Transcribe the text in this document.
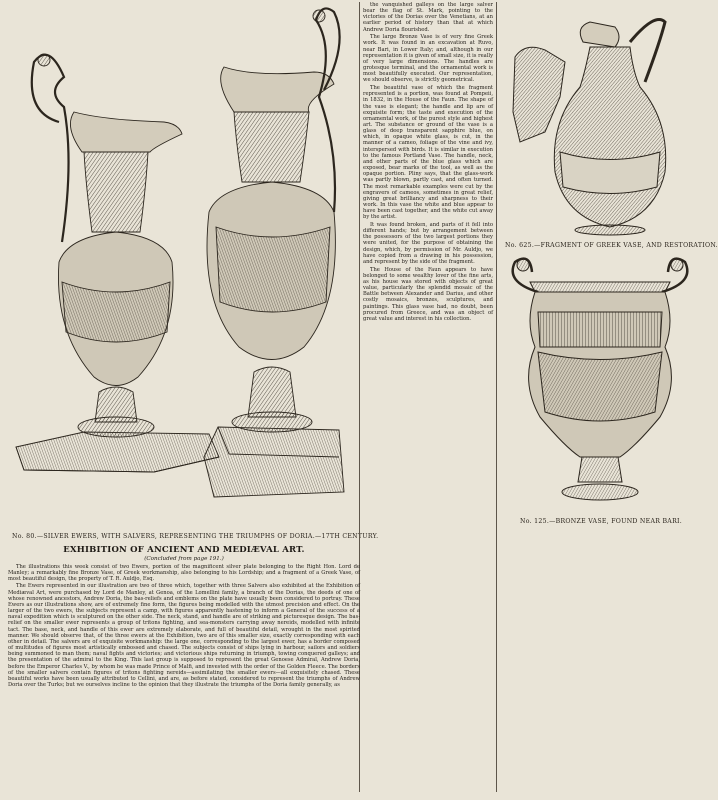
No. 80.—SILVER EWERS, WITH SALVERS, REPRESENTING THE TRIUMPHS OF DORIA.—17TH CENTURY.

the vanquished galleys on the large salver bear the flag of St. Mark, pointing to the victories of the Dorias over the Venetians, at an earlier period of history than that at which Andrew Doria flourished.

The large Bronze Vase is of very fine Greek work. It was found in an excavation at Ruvo, near Bari, in Lower Italy; and, although in our representation it is given of small size, it is really of very large dimensions. The handles are grotesque terminal, and the ornamental work is most beautifully executed. Our representation, we should observe, is strictly geometrical.

The beautiful vase of which the fragment represented is a portion, was found at Pompeii, in 1832, in the House of the Faun. The shape of the vase is elegant; the handle and lip are of exquisite form; the taste and execution of the ornamental work, of the purest style and highest art. The substance or ground of the vase is a glass of deep transparent sapphire blue, on which, in opaque white glass, is cut, in the manner of a cameo, foliage of the vine and ivy, interspersed with birds. It is similar in execution to the famous Portland Vase. The handle, neck, and other parts of the blue glass which are exposed, bear marks of the tool, as well as the opaque portion. Pliny says, that the glass-work was partly blown, partly cast, and often turned. The most remarkable examples were cut by the engravers of cameos, sometimes in great relief, giving great brilliancy and sharpness to their work. In this vase the white and blue appear to have been cast together, and the white cut away by the artist.

It was found broken, and parts of it fell into different hands; but by arrangement between the possessors of the two largest portions they were united, for the purpose of obtaining the design, which, by permission of Mr. Auldjo, we have copied from a drawing in his possession, and represent by the side of the fragment.

The House of the Faun appears to have belonged to some wealthy lover of the fine arts, as his house was stored with objects of great value, particularly the splendid mosaic of the Battle between Alexander and Darius, and other costly mosaics, bronzes, sculptures, and paintings. This glass vase had, no doubt, been procured from Greece, and was an object of great value and interest in his collection.

No. 625.—FRAGMENT OF GREEK VASE, AND RESTORATION.
No. 125.—BRONZE VASE, FOUND NEAR BARI.
EXHIBITION OF ANCIENT AND MEDIÆVAL ART.
(Concluded from page 191.)

The illustrations this week consist of two Ewers, portion of the magnificent silver plate belonging to the Right Hon. Lord de Manley; a remarkably fine Bronze Vase, of Greek workmanship, also belonging to his Lordship; and a fragment of a Greek Vase, of most beautiful design, the property of T. R. Auldjo, Esq.

The Ewers represented in our illustration are two of three which, together with three Salvers also exhibited at the Exhibition of Mediæval Art, were purchased by Lord de Manley, at Genoa, of the Lomellini family, a branch of the Dorias, the deeds of one of whose renowned ancestors, Andrew Doria, the bas-reliefs and emblems on the plate have usually been considered to portray. These Ewers as our illustrations show, are of extremely fine form, the figures being modelled with the utmost precision and effect. On the larger of the two ewers, the subjects represent a camp, with figures apparently hastening to inform a General of the success of a naval expedition which is sculptured on the other side. The neck, stand, and handle are of striking and picturesque design. The bas-relief on the smaller ewer represents a group of tritons fighting, and sea-monsters carrying away nereids, modelled with infinite tact. The base, neck, and handle of this ewer are extremely elaborate, and full of beautiful detail, wrought in the most spirited manner. We should observe that, of the three ewers at the Exhibition, two are of this smaller size, exactly corresponding with each other in detail. The salvers are of exquisite workmanship: the large one, corresponding to the largest ewer, has a border composed of multitudes of figures most artistically embossed and chased. The subjects consist of ships lying in harbour, sailors and soldiers being summoned to man them; naval fights and victories; and victorious ships returning in triumph, towing conquered galleys; and the presentation of the admiral to the King. This last group is supposed to represent the great Genoese Admiral, Andrew Doria, before the Emperor Charles V., by whom he was made Prince of Malfi, and invested with the order of the Golden Fleece. The borders of the smaller salvers contain figures of tritons fighting nereids—assimilating the smaller ewers—all exquisitely chased. These beautiful works have been usually attributed to Cellini, and are, as before stated, considered to represent the triumphs of Andrew Doria over the Turks; but we ourselves incline to the opinion that they illustrate the triumphs of the Doria family generally, as
